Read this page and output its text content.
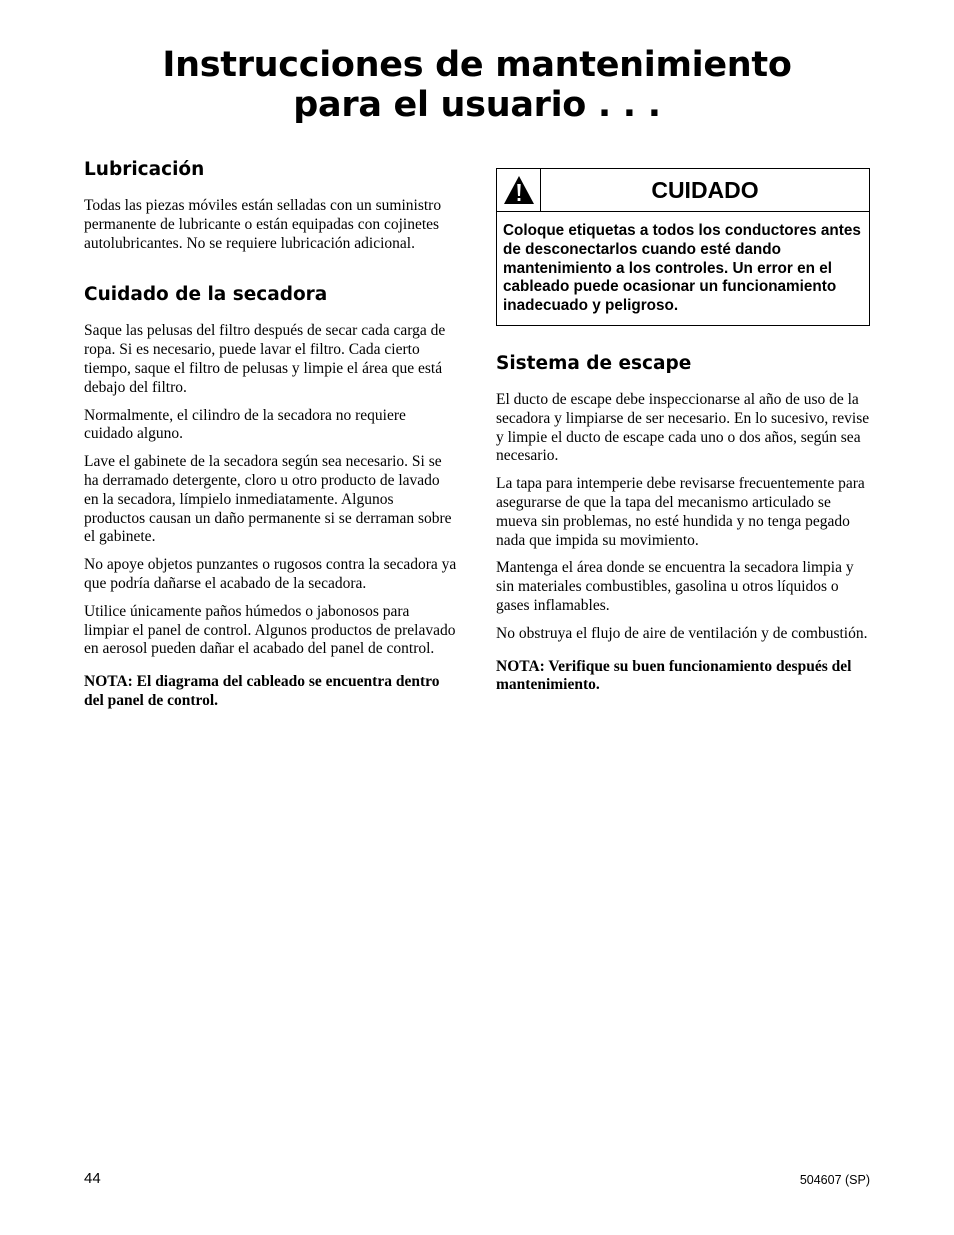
Instrucciones de mantenimiento
para el usuario . . .
Lubricación

Todas las piezas móviles están selladas con un suministro permanente de lubricante o están equipadas con cojinetes autolubricantes. No se requiere lubricación adicional.

Cuidado de la secadora

Saque las pelusas del filtro después de secar cada carga de ropa. Si es necesario, puede lavar el filtro. Cada cierto tiempo, saque el filtro de pelusas y limpie el área que está debajo del filtro.

Normalmente, el cilindro de la secadora no requiere cuidado alguno.

Lave el gabinete de la secadora según sea necesario. Si se ha derramado detergente, cloro u otro producto de lavado en la secadora, límpielo inmediatamente. Algunos productos causan un daño permanente si se derraman sobre el gabinete.

No apoye objetos punzantes o rugosos contra la secadora ya que podría dañarse el acabado de la secadora.

Utilice únicamente paños húmedos o jabonosos para limpiar el panel de control. Algunos productos de prelavado en aerosol pueden dañar el acabado del panel de control.

NOTA: El diagrama del cableado se encuentra dentro del panel de control.

CUIDADO
Coloque etiquetas a todos los conductores antes de desconectarlos cuando esté dando mantenimiento a los controles. Un error en el cableado puede ocasionar un funcionamiento inadecuado y peligroso.
Sistema de escape

El ducto de escape debe inspeccionarse al año de uso de la secadora y limpiarse de ser necesario. En lo sucesivo, revise y limpie el ducto de escape cada uno o dos años, según sea necesario.

La tapa para intemperie debe revisarse frecuentemente para asegurarse de que la tapa del mecanismo articulado se mueva sin problemas, no esté hundida y no tenga pegado nada que impida su movimiento.

Mantenga el área donde se encuentra la secadora limpia y sin materiales combustibles, gasolina u otros líquidos o gases inflamables.

No obstruya el flujo de aire de ventilación y de combustión.

NOTA: Verifique su buen funcionamiento después del mantenimiento.

44	504607 (SP)
